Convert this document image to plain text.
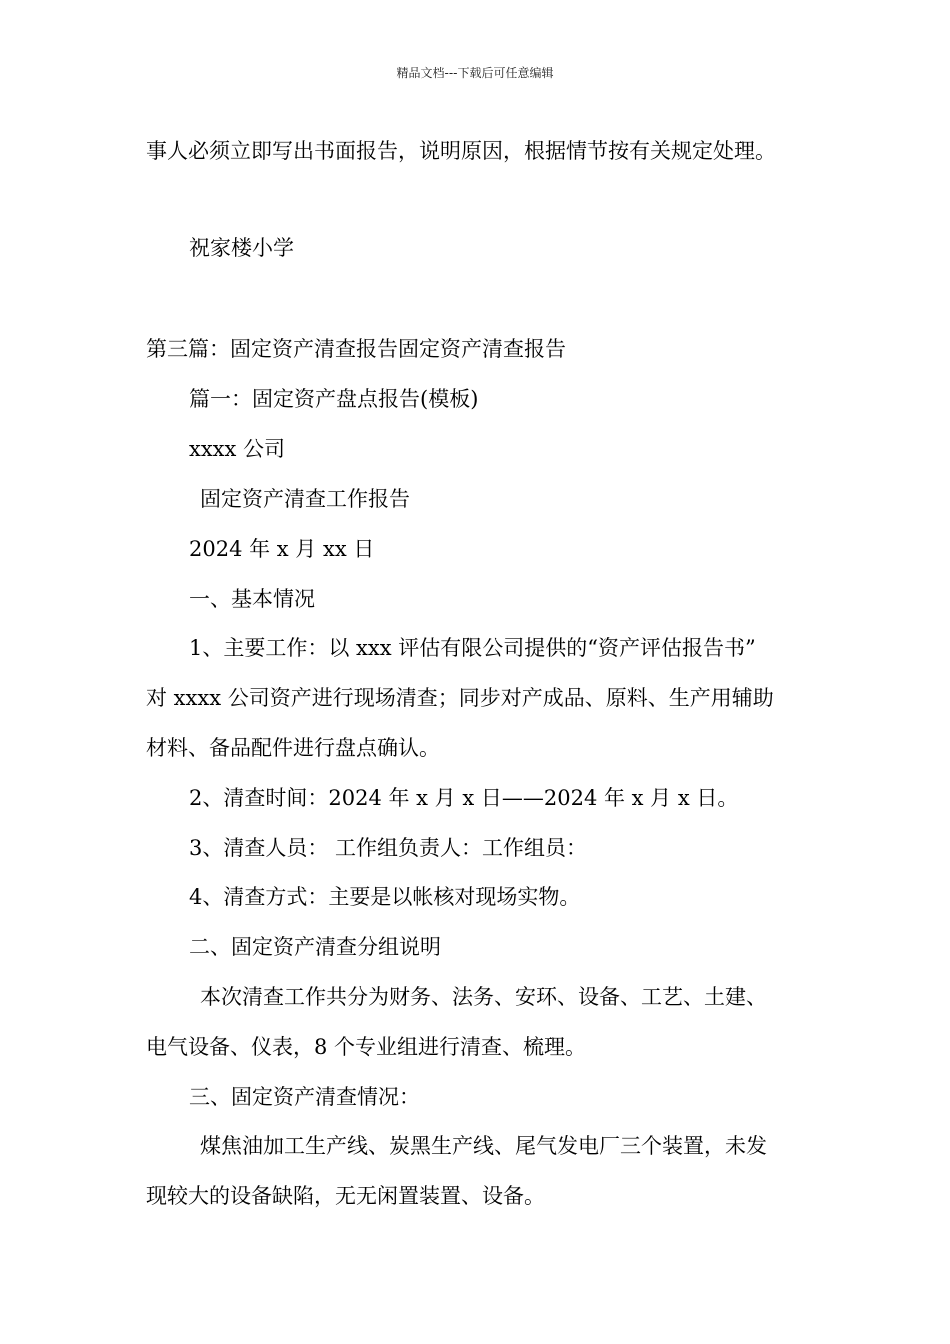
精品文档---下载后可任意编辑
事人必须立即写出书面报告，说明原因，根据情节按有关规定处理。
祝家楼小学
第三篇：固定资产清查报告固定资产清查报告
篇一：固定资产盘点报告(模板)
xxxx 公司
固定资产清查工作报告
2024 年 x 月 xx 日
一、基本情况
1、主要工作：以 xxx 评估有限公司提供的“资产评估报告书”
对 xxxx 公司资产进行现场清查；同步对产成品、原料、生产用辅助
材料、备品配件进行盘点确认。
2、清查时间：2024 年 x 月 x 日——2024 年 x 月 x 日。
3、清查人员： 工作组负责人：工作组员：
4、清查方式：主要是以帐核对现场实物。
二、固定资产清查分组说明
本次清查工作共分为财务、法务、安环、设备、工艺、土建、
电气设备、仪表，8 个专业组进行清查、梳理。
三、固定资产清查情况：
煤焦油加工生产线、炭黑生产线、尾气发电厂三个装置，未发
现较大的设备缺陷，无无闲置装置、设备。
